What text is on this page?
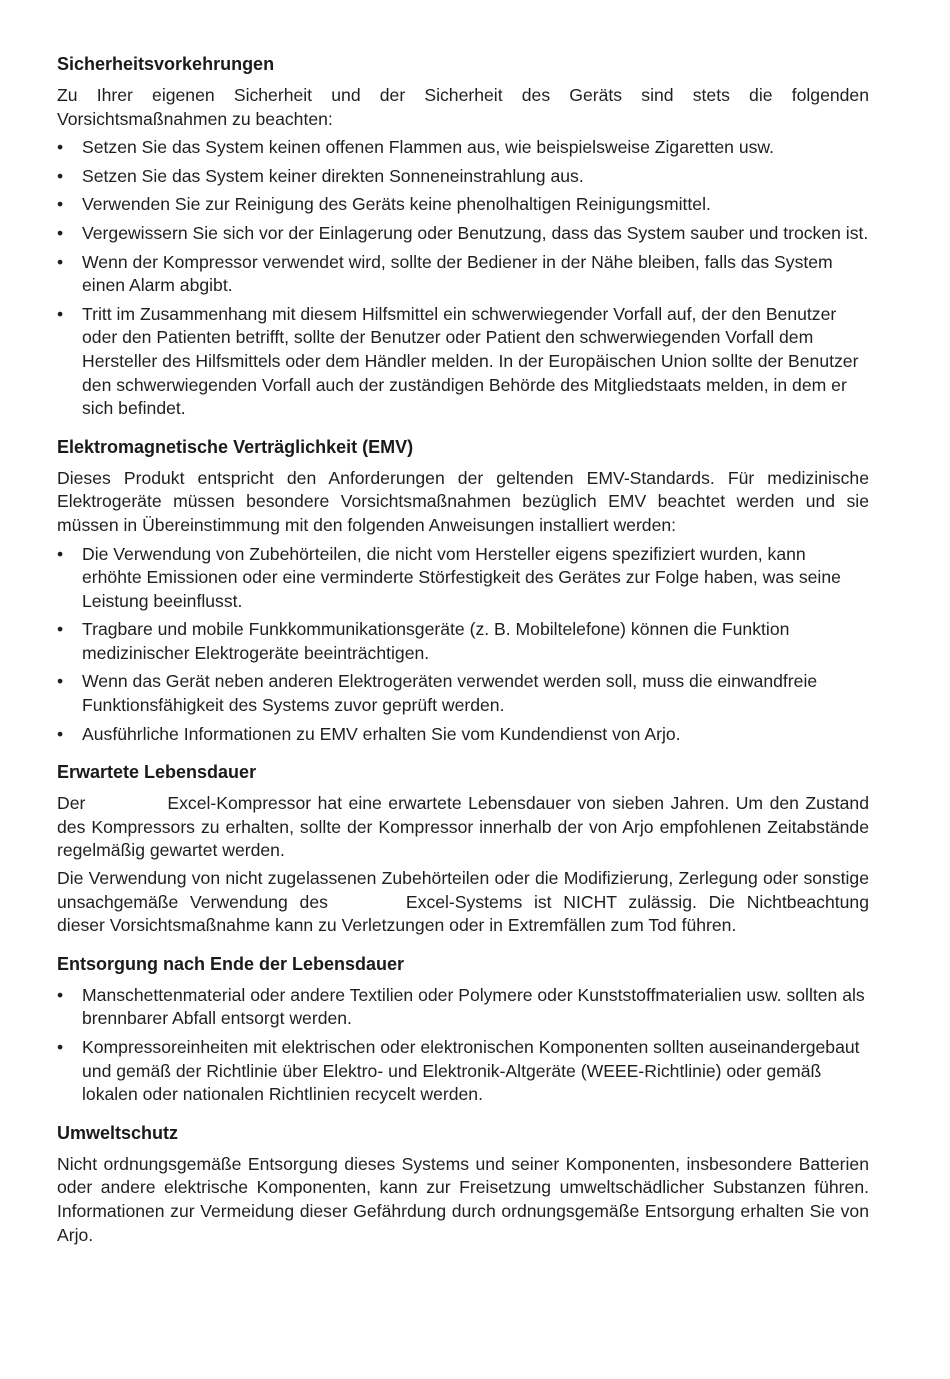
Sicherheitsvorkehrungen

Zu Ihrer eigenen Sicherheit und der Sicherheit des Geräts sind stets die folgenden Vorsichtsmaßnahmen zu beachten:

•	Setzen Sie das System keinen offenen Flammen aus, wie beispielsweise Zigaretten usw.
•	Setzen Sie das System keiner direkten Sonneneinstrahlung aus.
•	Verwenden Sie zur Reinigung des Geräts keine phenolhaltigen Reinigungsmittel.
•	Vergewissern Sie sich vor der Einlagerung oder Benutzung, dass das System sauber und trocken ist.
•	Wenn der Kompressor verwendet wird, sollte der Bediener in der Nähe bleiben, falls das System einen Alarm abgibt.
•	Tritt im Zusammenhang mit diesem Hilfsmittel ein schwerwiegender Vorfall auf, der den Benutzer oder den Patienten betrifft, sollte der Benutzer oder Patient den schwerwiegenden Vorfall dem Hersteller des Hilfsmittels oder dem Händler melden. In der Europäischen Union sollte der Benutzer den schwerwiegenden Vorfall auch der zuständigen Behörde des Mitgliedstaats melden, in dem er sich befindet.
Elektromagnetische Verträglichkeit (EMV)

Dieses Produkt entspricht den Anforderungen der geltenden EMV-Standards. Für medizinische Elektrogeräte müssen besondere Vorsichtsmaßnahmen bezüglich EMV beachtet werden und sie müssen in Übereinstimmung mit den folgenden Anweisungen installiert werden:

•	Die Verwendung von Zubehörteilen, die nicht vom Hersteller eigens spezifiziert wurden, kann erhöhte Emissionen oder eine verminderte Störfestigkeit des Gerätes zur Folge haben, was seine Leistung beeinflusst.
•	Tragbare und mobile Funkkommunikationsgeräte (z. B. Mobiltelefone) können die Funktion medizinischer Elektrogeräte beeinträchtigen.
•	Wenn das Gerät neben anderen Elektrogeräten verwendet werden soll, muss die einwandfreie Funktionsfähigkeit des Systems zuvor geprüft werden.
•	Ausführliche Informationen zu EMV erhalten Sie vom Kundendienst von Arjo.
Erwartete Lebensdauer

Der	Excel-Kompressor hat eine erwartete Lebensdauer von sieben Jahren. Um den Zustand des Kompressors zu erhalten, sollte der Kompressor innerhalb der von Arjo empfohlenen Zeitabstände regelmäßig gewartet werden.

Die Verwendung von nicht zugelassenen Zubehörteilen oder die Modifizierung, Zerlegung oder sonstige unsachgemäße Verwendung des	Excel-Systems ist NICHT zulässig. Die Nichtbeachtung dieser Vorsichtsmaßnahme kann zu Verletzungen oder in Extremfällen zum Tod führen.

Entsorgung nach Ende der Lebensdauer
•	Manschettenmaterial oder andere Textilien oder Polymere oder Kunststoffmaterialien usw. sollten als brennbarer Abfall entsorgt werden.
•	Kompressoreinheiten mit elektrischen oder elektronischen Komponenten sollten auseinandergebaut und gemäß der Richtlinie über Elektro- und Elektronik-Altgeräte (WEEE-Richtlinie) oder gemäß lokalen oder nationalen Richtlinien recycelt werden.
Umweltschutz

Nicht ordnungsgemäße Entsorgung dieses Systems und seiner Komponenten, insbesondere Batterien oder andere elektrische Komponenten, kann zur Freisetzung umweltschädlicher Substanzen führen. Informationen zur Vermeidung dieser Gefährdung durch ordnungsgemäße Entsorgung erhalten Sie von Arjo.
